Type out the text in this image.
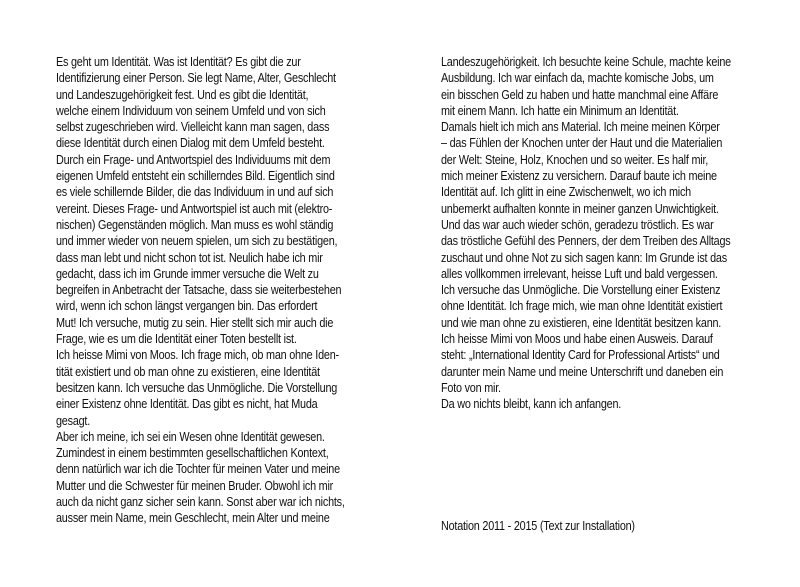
Es geht um Identität. Was ist Identität? Es gibt die zur
Identifizierung einer Person. Sie legt Name, Alter, Geschlecht
und Landeszugehörigkeit fest. Und es gibt die Identität,
welche einem Individuum von seinem Umfeld und von sich
selbst zugeschrieben wird. Vielleicht kann man sagen, dass
diese Identität durch einen Dialog mit dem Umfeld besteht.
Durch ein Frage- und Antwortspiel des Individuums mit dem
eigenen Umfeld entsteht ein schillerndes Bild. Eigentlich sind
es viele schillernde Bilder, die das Individuum in und auf sich
vereint. Dieses Frage- und Antwortspiel ist auch mit (elektro-
nischen) Gegenständen möglich. Man muss es wohl ständig
und immer wieder von neuem spielen, um sich zu bestätigen,
dass man lebt und nicht schon tot ist. Neulich habe ich mir
gedacht, dass ich im Grunde immer versuche die Welt zu
begreifen in Anbetracht der Tatsache, dass sie weiterbestehen
wird, wenn ich schon längst vergangen bin. Das erfordert
Mut! Ich versuche, mutig zu sein. Hier stellt sich mir auch die
Frage, wie es um die Identität einer Toten bestellt ist.
Ich heisse Mimi von Moos. Ich frage mich, ob man ohne Iden-
tität existiert und ob man ohne zu existieren, eine Identität
besitzen kann. Ich versuche das Unmögliche. Die Vorstellung
einer Existenz ohne Identität. Das gibt es nicht, hat Muda
gesagt.
Aber ich meine, ich sei ein Wesen ohne Identität gewesen.
Zumindest in einem bestimmten gesellschaftlichen Kontext,
denn natürlich war ich die Tochter für meinen Vater und meine
Mutter und die Schwester für meinen Bruder. Obwohl ich mir
auch da nicht ganz sicher sein kann. Sonst aber war ich nichts,
ausser mein Name, mein Geschlecht, mein Alter und meine
Landeszugehörigkeit. Ich besuchte keine Schule, machte keine
Ausbildung. Ich war einfach da, machte komische Jobs, um
ein bisschen Geld zu haben und hatte manchmal eine Affäre
mit einem Mann. Ich hatte ein Minimum an Identität.
Damals hielt ich mich ans Material. Ich meine meinen Körper
– das Fühlen der Knochen unter der Haut und die Materialien
der Welt: Steine, Holz, Knochen und so weiter. Es half mir,
mich meiner Existenz zu versichern. Darauf baute ich meine
Identität auf. Ich glitt in eine Zwischenwelt, wo ich mich
unbemerkt aufhalten konnte in meiner ganzen Unwichtigkeit.
Und das war auch wieder schön, geradezu tröstlich. Es war
das tröstliche Gefühl des Penners, der dem Treiben des Alltags
zuschaut und ohne Not zu sich sagen kann: Im Grunde ist das
alles vollkommen irrelevant, heisse Luft und bald vergessen.
Ich versuche das Unmögliche. Die Vorstellung einer Existenz
ohne Identität. Ich frage mich, wie man ohne Identität existiert
und wie man ohne zu existieren, eine Identität besitzen kann.
Ich heisse Mimi von Moos und habe einen Ausweis. Darauf
steht: „International Identity Card for Professional Artists“ und
darunter mein Name und meine Unterschrift und daneben ein
Foto von mir.
Da wo nichts bleibt, kann ich anfangen.
Notation 2011 - 2015 (Text zur Installation)
